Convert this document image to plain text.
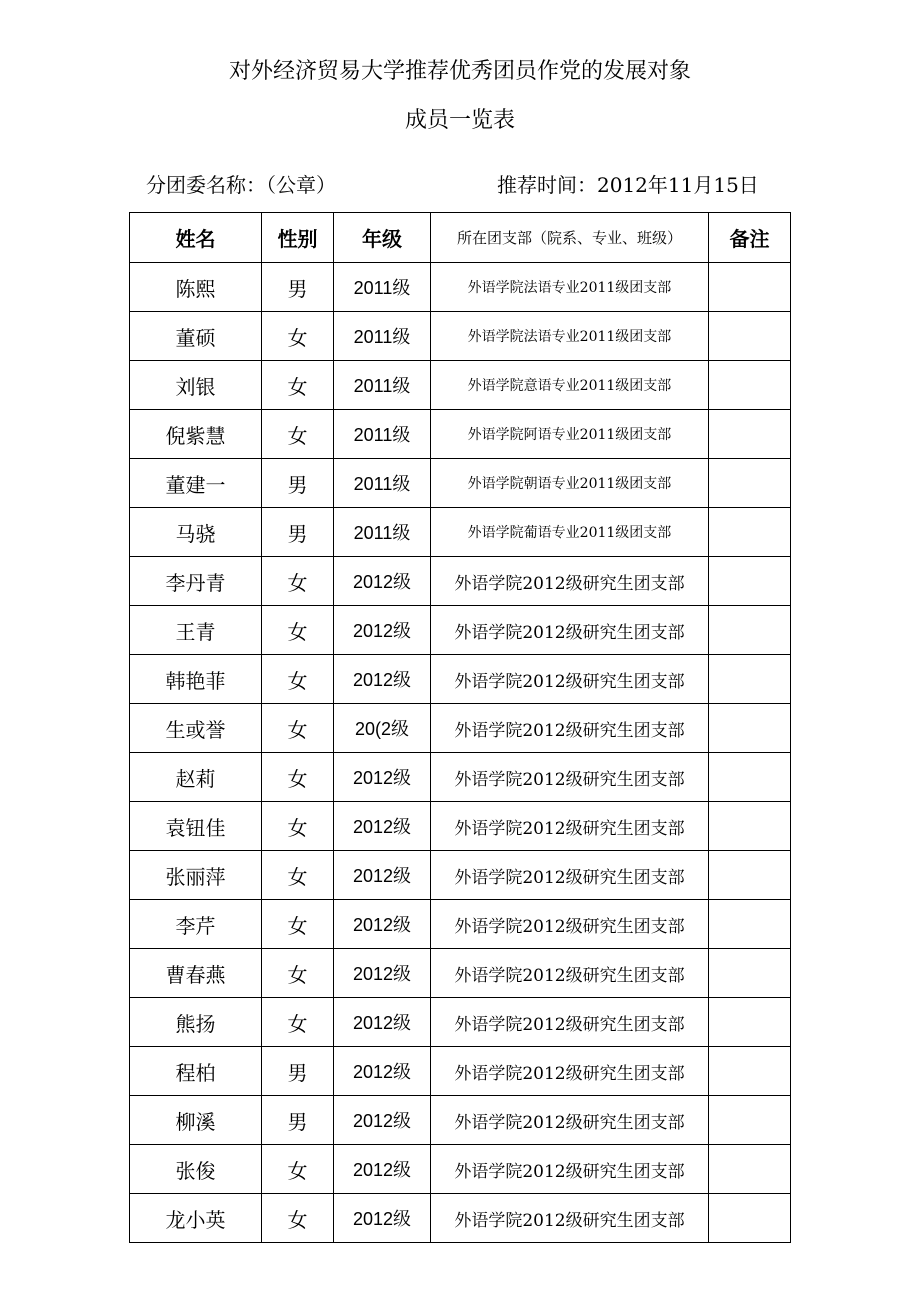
对外经济贸易大学推荐优秀团员作党的发展对象
成员一览表
分团委名称：（公章）	推荐时间：2012年11月15日
姓名	性别	年级	所在团支部（院系、专业、班级）	备注
陈熙	男	2011级	外语学院法语专业2011级团支部	
董硕	女	2011级	外语学院法语专业2011级团支部	
刘银	女	2011级	外语学院意语专业2011级团支部	
倪紫慧	女	2011级	外语学院阿语专业2011级团支部	
董建一	男	2011级	外语学院朝语专业2011级团支部	
马骁	男	2011级	外语学院葡语专业2011级团支部	
李丹青	女	2012级	外语学院2012级研究生团支部	
王青	女	2012级	外语学院2012级研究生团支部	
韩艳菲	女	2012级	外语学院2012级研究生团支部	
生或誉	女	20(2级	外语学院2012级研究生团支部	
赵莉	女	2012级	外语学院2012级研究生团支部	
袁钮佳	女	2012级	外语学院2012级研究生团支部	
张丽萍	女	2012级	外语学院2012级研究生团支部	
李芹	女	2012级	外语学院2012级研究生团支部	
曹春燕	女	2012级	外语学院2012级研究生团支部	
熊扬	女	2012级	外语学院2012级研究生团支部	
程柏	男	2012级	外语学院2012级研究生团支部	
柳溪	男	2012级	外语学院2012级研究生团支部	
张俊	女	2012级	外语学院2012级研究生团支部	
龙小英	女	2012级	外语学院2012级研究生团支部	
